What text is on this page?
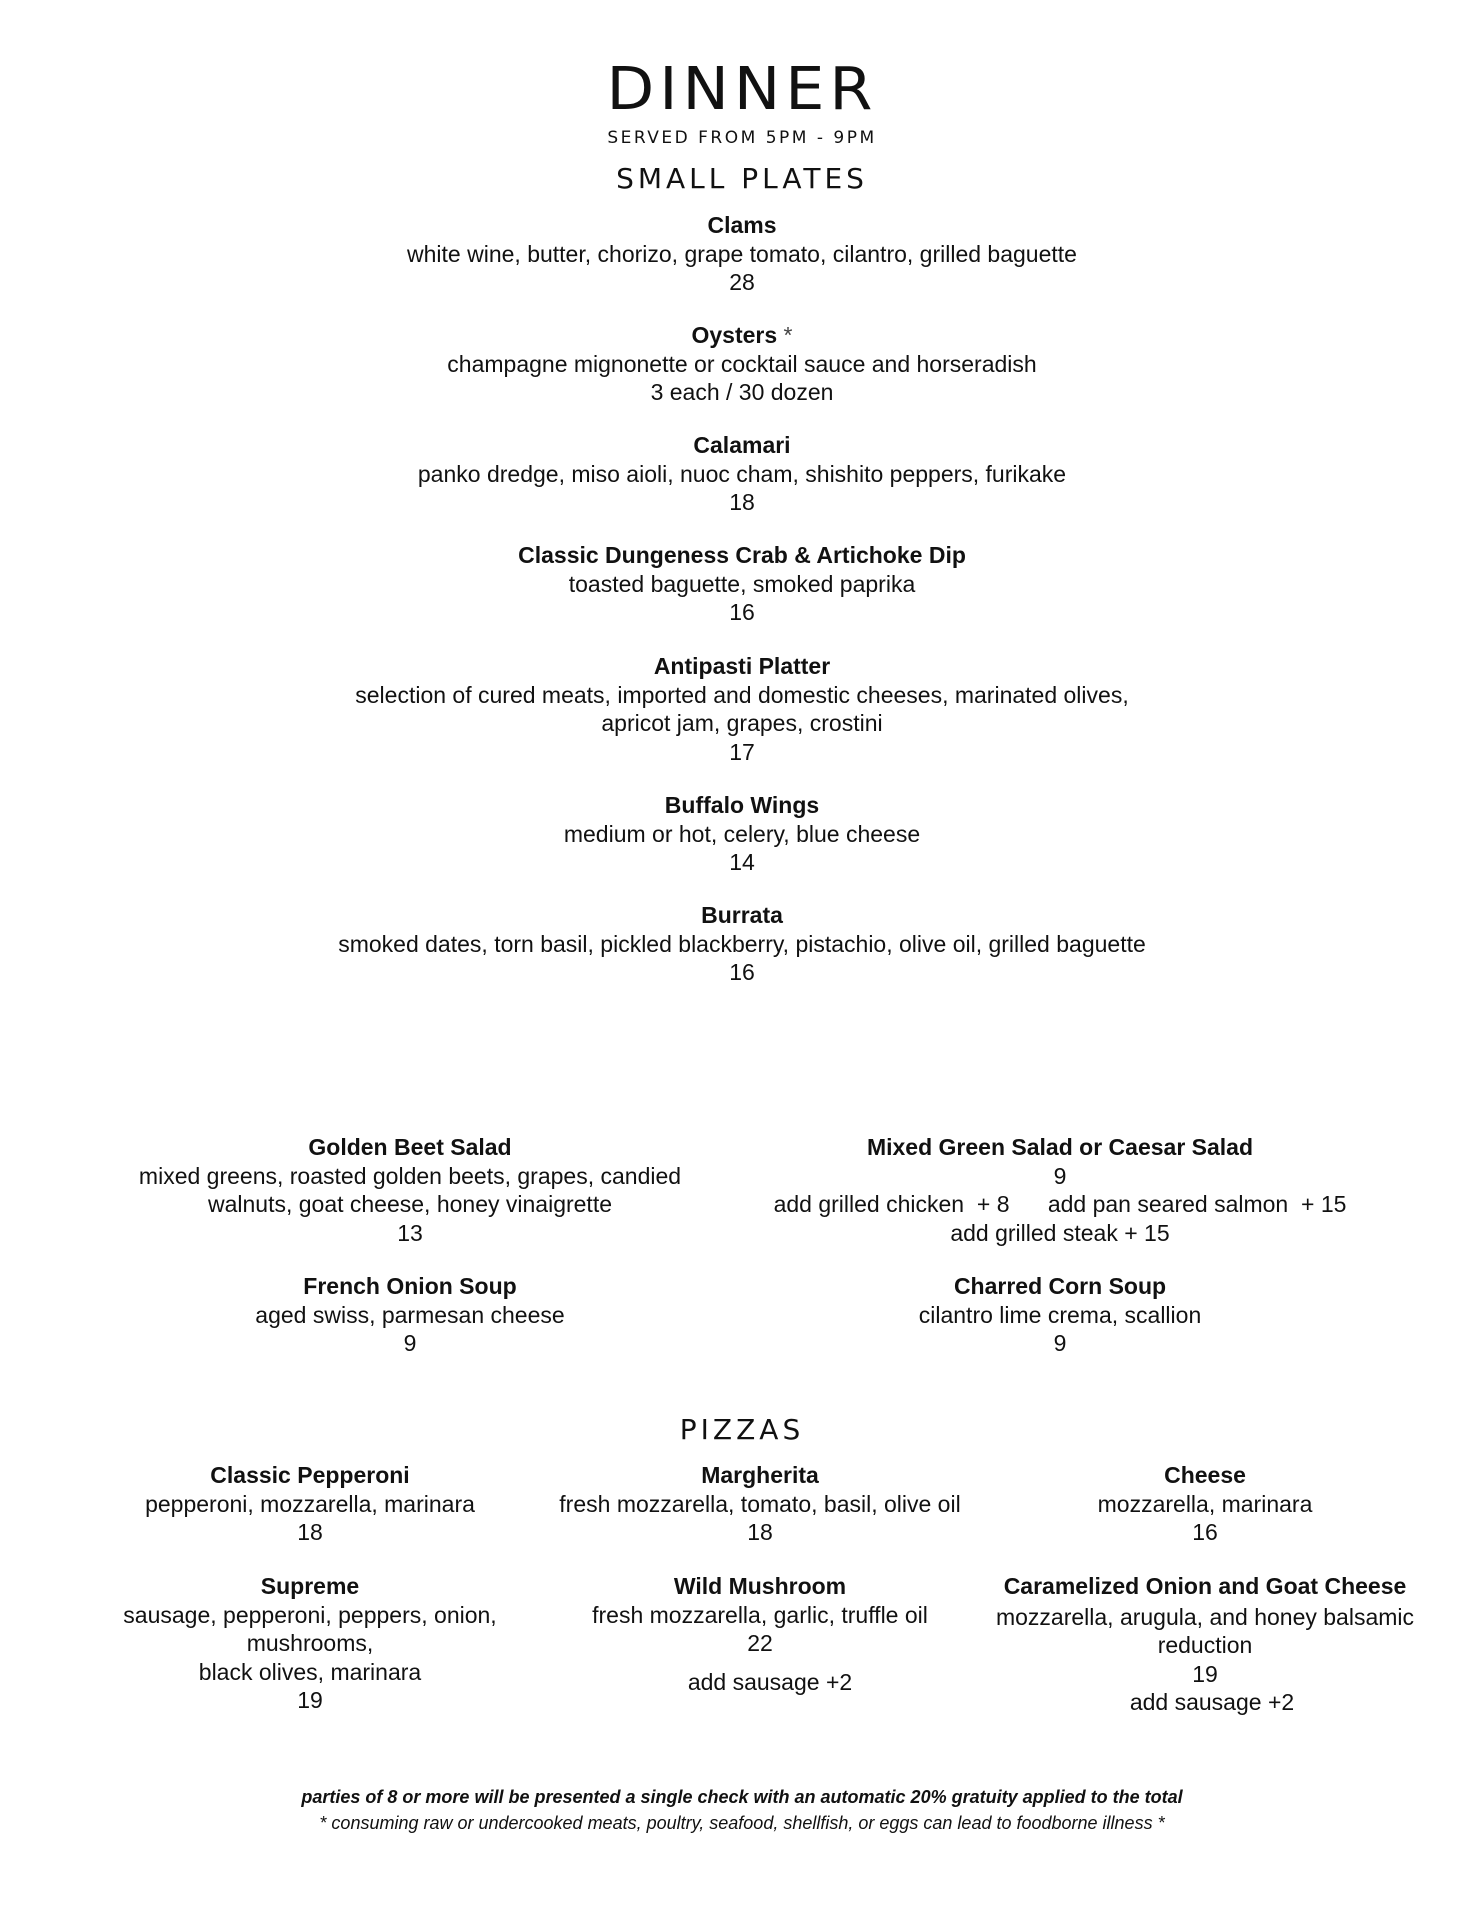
DINNER
SERVED FROM 5PM - 9PM
SMALL PLATES
Clams
white wine, butter, chorizo, grape tomato, cilantro, grilled baguette
28
Oysters *
champagne mignonette or cocktail sauce and horseradish
3 each / 30 dozen
Calamari
panko dredge, miso aioli, nuoc cham, shishito peppers, furikake
18
Classic Dungeness Crab & Artichoke Dip
toasted baguette, smoked paprika
16
Antipasti Platter
selection of cured meats, imported and domestic cheeses, marinated olives,
apricot jam, grapes, crostini
17
Buffalo Wings
medium or hot, celery, blue cheese
14
Burrata
smoked dates, torn basil, pickled blackberry, pistachio, olive oil, grilled baguette
16
Golden Beet Salad
mixed greens, roasted golden beets, grapes, candied
walnuts, goat cheese, honey vinaigrette
13
Mixed Green Salad or Caesar Salad
9
add grilled chicken  + 8      add pan seared salmon  + 15
add grilled steak + 15
French Onion Soup
aged swiss, parmesan cheese
9
Charred Corn Soup
cilantro lime crema, scallion
9
PIZZAS
Classic Pepperoni
pepperoni, mozzarella, marinara
18
Margherita
fresh mozzarella, tomato, basil, olive oil
18
Cheese
mozzarella, marinara
16
Supreme
sausage, pepperoni, peppers, onion,
mushrooms,
black olives, marinara
19
Wild Mushroom
fresh mozzarella, garlic, truffle oil
22
add sausage +2
Caramelized Onion and Goat Cheese
mozzarella, arugula, and honey balsamic
reduction
19
add sausage +2
parties of 8 or more will be presented a single check with an automatic 20% gratuity applied to the total
* consuming raw or undercooked meats, poultry, seafood, shellfish, or eggs can lead to foodborne illness *
